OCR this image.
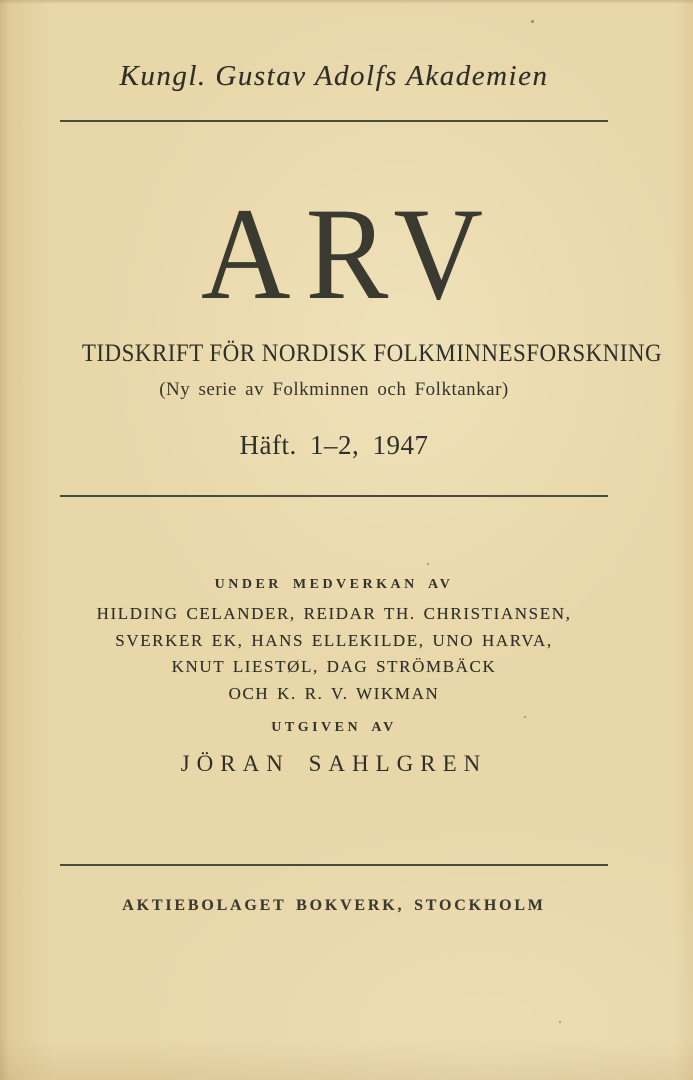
Kungl. Gustav Adolfs Akademien
ARV
TIDSKRIFT FÖR NORDISK FOLKMINNESFORSKNING
(Ny serie av Folkminnen och Folktankar)
Häft. 1–2, 1947
UNDER MEDVERKAN AV
HILDING CELANDER, REIDAR TH. CHRISTIANSEN,
SVERKER EK, HANS ELLEKILDE, UNO HARVA,
KNUT LIESTØL, DAG STRÖMBÄCK
OCH K. R. V. WIKMAN
UTGIVEN AV
JÖRAN SAHLGREN
AKTIEBOLAGET BOKVERK, STOCKHOLM
